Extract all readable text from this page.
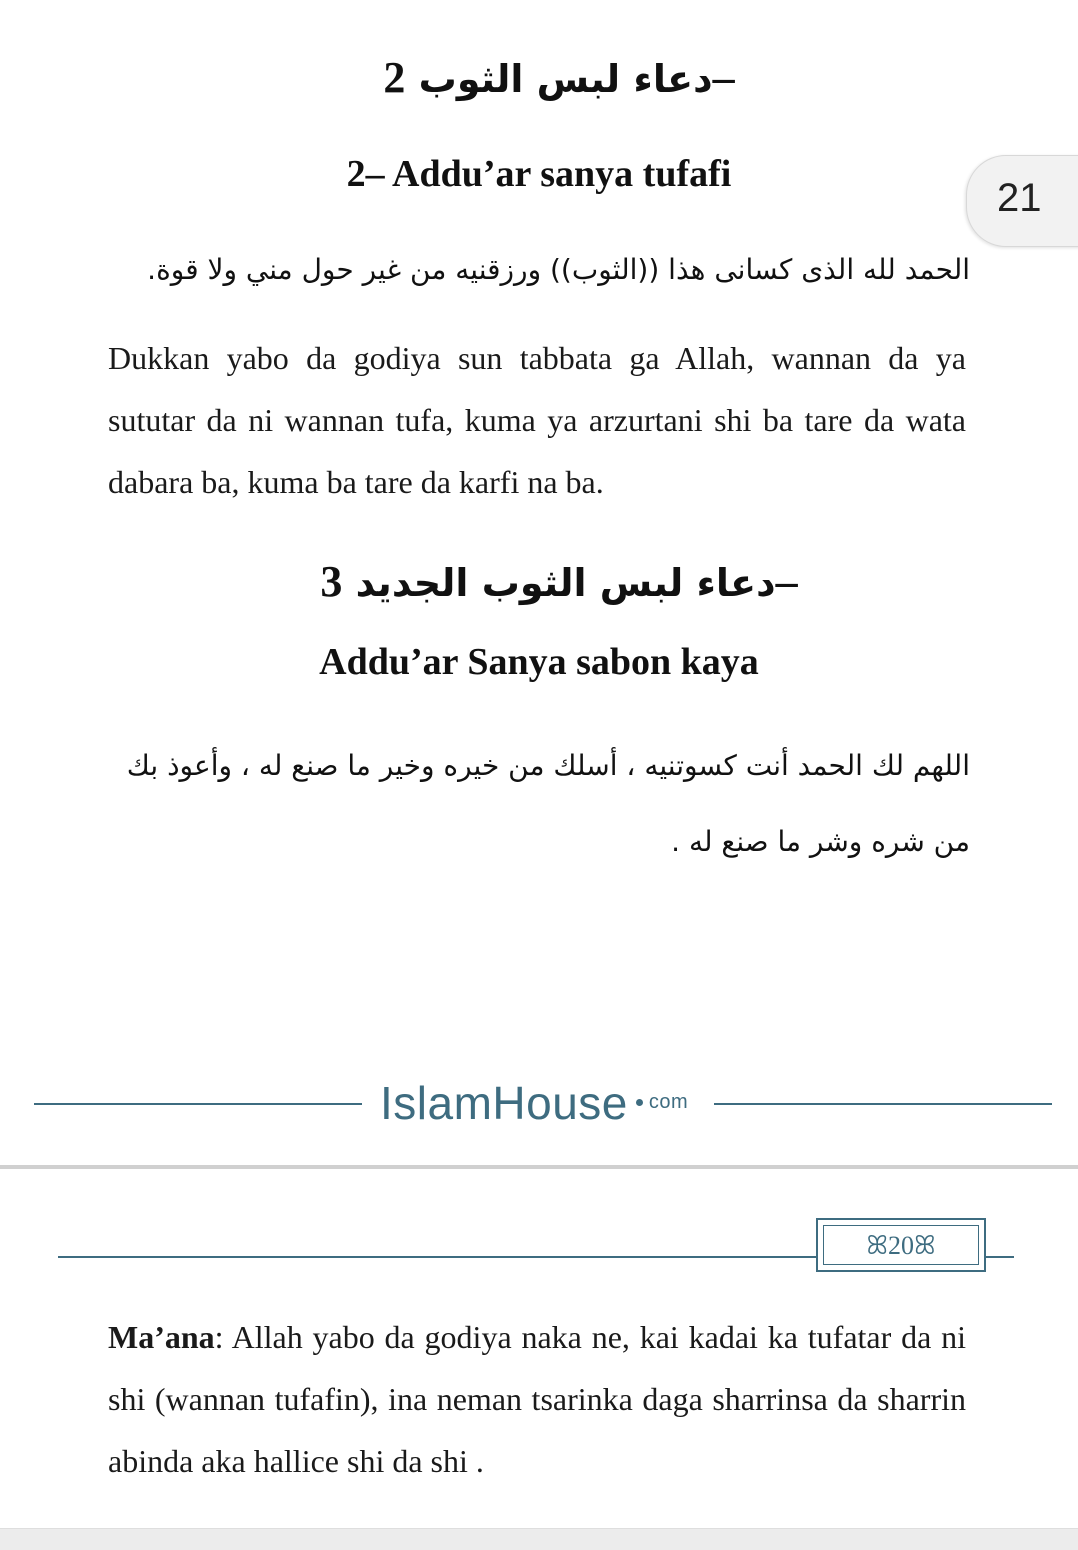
دعاء لبس الثوب 2–
2– Addu’ar sanya tufafi
الحمد لله الذى كسانى هذا ((الثوب)) ورزقنيه من غير حول مني ولا قوة.
Dukkan yabo da godiya sun tabbata ga Allah, wannan da ya sututar da ni wannan tufa, kuma ya arzurtani shi ba tare da wata dabara ba, kuma ba tare da karfi na ba.
دعاء لبس الثوب الجديد 3–
Addu’ar Sanya sabon kaya
اللهم لك الحمد أنت كسوتنيه ، أسلك من خيره وخير ما صنع له ، وأعوذ بك من شره وشر ما صنع له .
IslamHouse com
21
ꕤ20ꕤ
Ma’ana: Allah yabo da godiya naka ne, kai kadai ka tufatar da ni shi (wannan tufafin), ina neman tsarinka daga sharrinsa da sharrin abinda aka hallice shi da shi .
